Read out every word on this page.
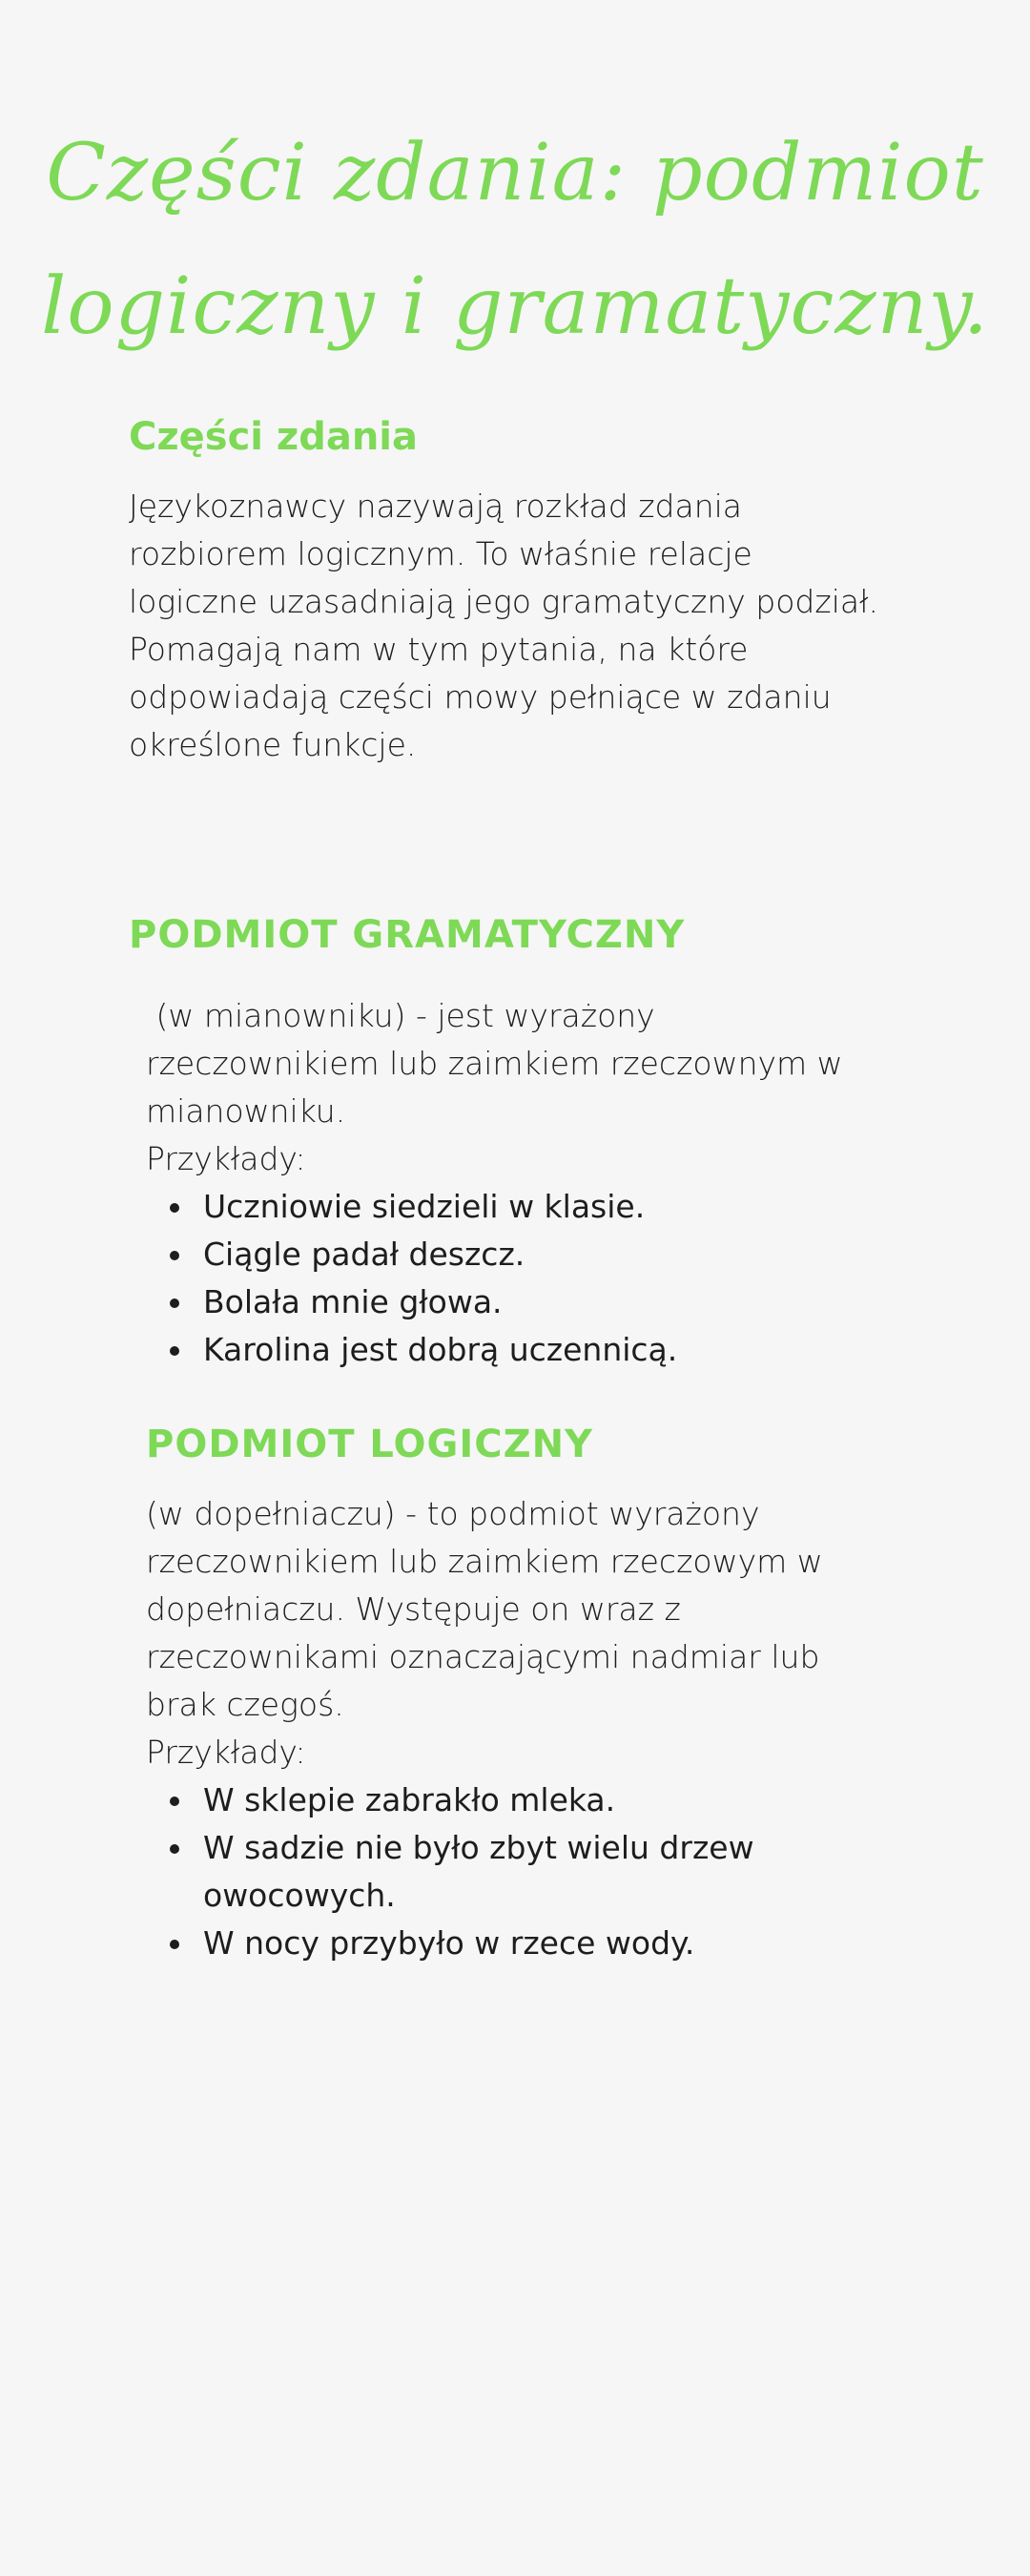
Części zdania: podmiot
logiczny i gramatyczny.
Części zdania

Językoznawcy nazywają rozkład zdania rozbiorem logicznym. To właśnie relacje logiczne uzasadniają jego gramatyczny podział. Pomagają nam w tym pytania, na które odpowiadają części mowy pełniące w zdaniu określone funkcje.

PODMIOT GRAMATYCZNY

(w mianowniku) - jest wyrażony rzeczownikiem lub zaimkiem rzeczownym w mianowniku.

Przykłady:

Uczniowie siedzieli w klasie.
Ciągle padał deszcz.
Bolała mnie głowa.
Karolina jest dobrą uczennicą.
PODMIOT LOGICZNY

(w dopełniaczu) - to podmiot wyrażony rzeczownikiem lub zaimkiem rzeczowym w dopełniaczu. Występuje on wraz z rzeczownikami oznaczającymi nadmiar lub brak czegoś.

Przykłady:

W sklepie zabrakło mleka.
W sadzie nie było zbyt wielu drzew owocowych.
W nocy przybyło w rzece wody.
